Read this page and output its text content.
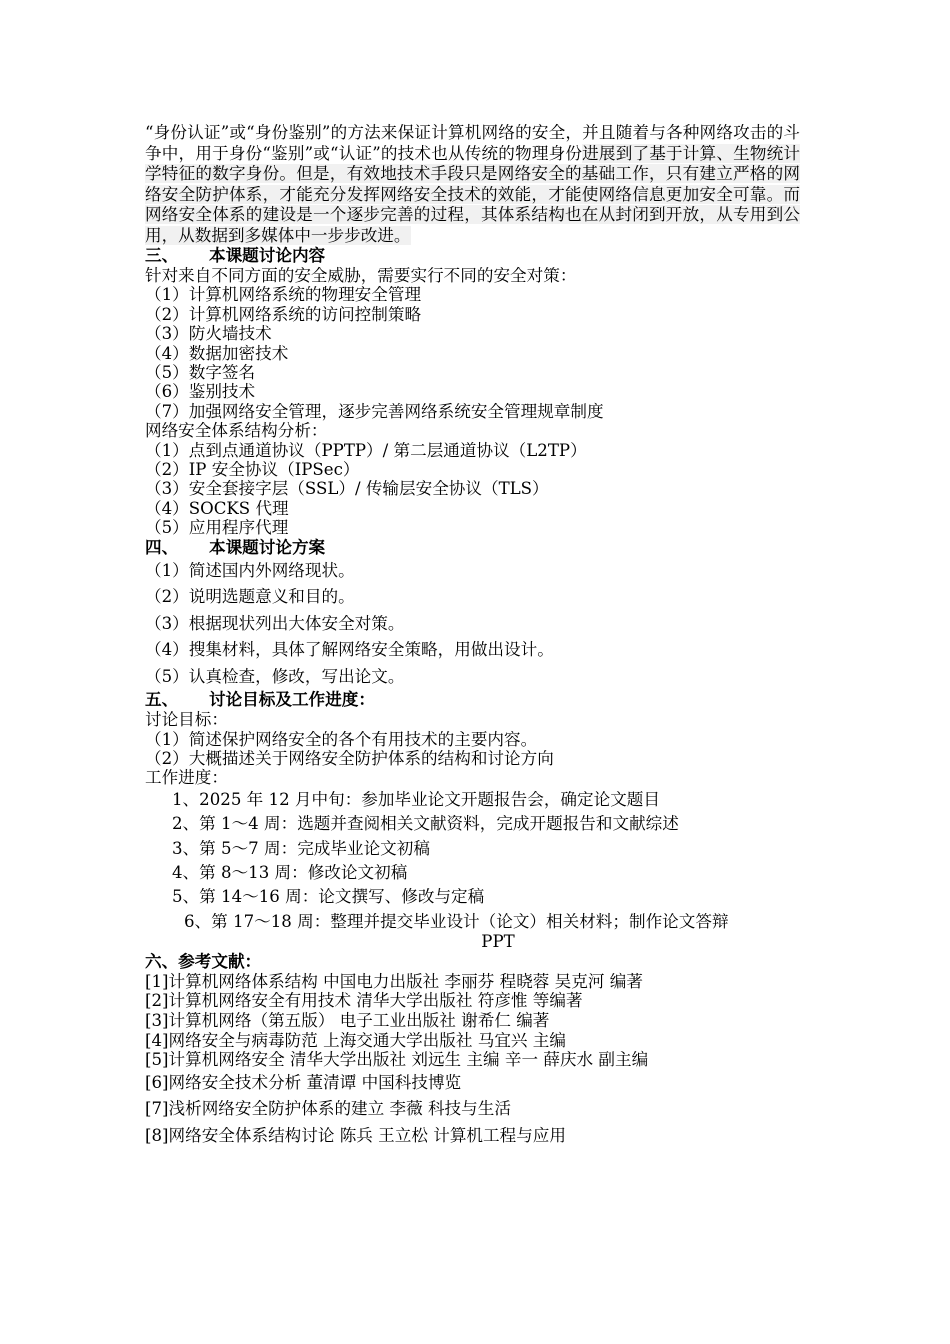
“身份认证”或“身份鉴别”的方法来保证计算机网络的安全，并且随着与各种网络攻击的斗争中，用于身份“鉴别”或“认证”的技术也从传统的物理身份进展到了基于计算、生物统计学特征的数字身份。但是，有效地技术手段只是网络安全的基础工作，只有建立严格的网络安全防护体系，才能充分发挥网络安全技术的效能，才能使网络信息更加安全可靠。而网络安全体系的建设是一个逐步完善的过程，其体系结构也在从封闭到开放，从专用到公用，从数据到多媒体中一步步改进。

三、 本课题讨论内容
针对来自不同方面的安全威胁，需要实行不同的安全对策：
（1）计算机网络系统的物理安全管理
（2）计算机网络系统的访问控制策略
（3）防火墙技术
（4）数据加密技术
（5）数字签名
（6）鉴别技术
（7）加强网络安全管理，逐步完善网络系统安全管理规章制度
网络安全体系结构分析：
（1）点到点通道协议（PPTP）/ 第二层通道协议（L2TP）
（2）IP 安全协议（IPSec）
（3）安全套接字层（SSL）/ 传输层安全协议（TLS）
（4）SOCKS 代理
（5）应用程序代理
四、 本课题讨论方案
（1）简述国内外网络现状。
（2）说明选题意义和目的。
（3）根据现状列出大体安全对策。
（4）搜集材料，具体了解网络安全策略，用做出设计。
（5）认真检查，修改，写出论文。
五、 讨论目标及工作进度：
讨论目标：
（1）简述保护网络安全的各个有用技术的主要内容。
（2）大概描述关于网络安全防护体系的结构和讨论方向
工作进度：
1、2025 年 12 月中旬：参加毕业论文开题报告会，确定论文题目
2、第 1～4 周：选题并查阅相关文献资料，完成开题报告和文献综述
3、第 5～7 周：完成毕业论文初稿
4、第 8～13 周：修改论文初稿
5、第 14～16 周：论文撰写、修改与定稿
6、第 17～18 周：整理并提交毕业设计（论文）相关材料；制作论文答辩
PPT
六、参考文献：
[1]计算机网络体系结构 中国电力出版社 李丽芬 程晓蓉 吴克河 编著
[2]计算机网络安全有用技术 清华大学出版社 符彦惟 等编著
[3]计算机网络（第五版） 电子工业出版社 谢希仁 编著
[4]网络安全与病毒防范 上海交通大学出版社 马宜兴 主编
[5]计算机网络安全 清华大学出版社 刘远生 主编 辛一 薛庆水 副主编
[6]网络安全技术分析 董清谭 中国科技博览
[7]浅析网络安全防护体系的建立 李薇 科技与生活
[8]网络安全体系结构讨论 陈兵 王立松 计算机工程与应用
